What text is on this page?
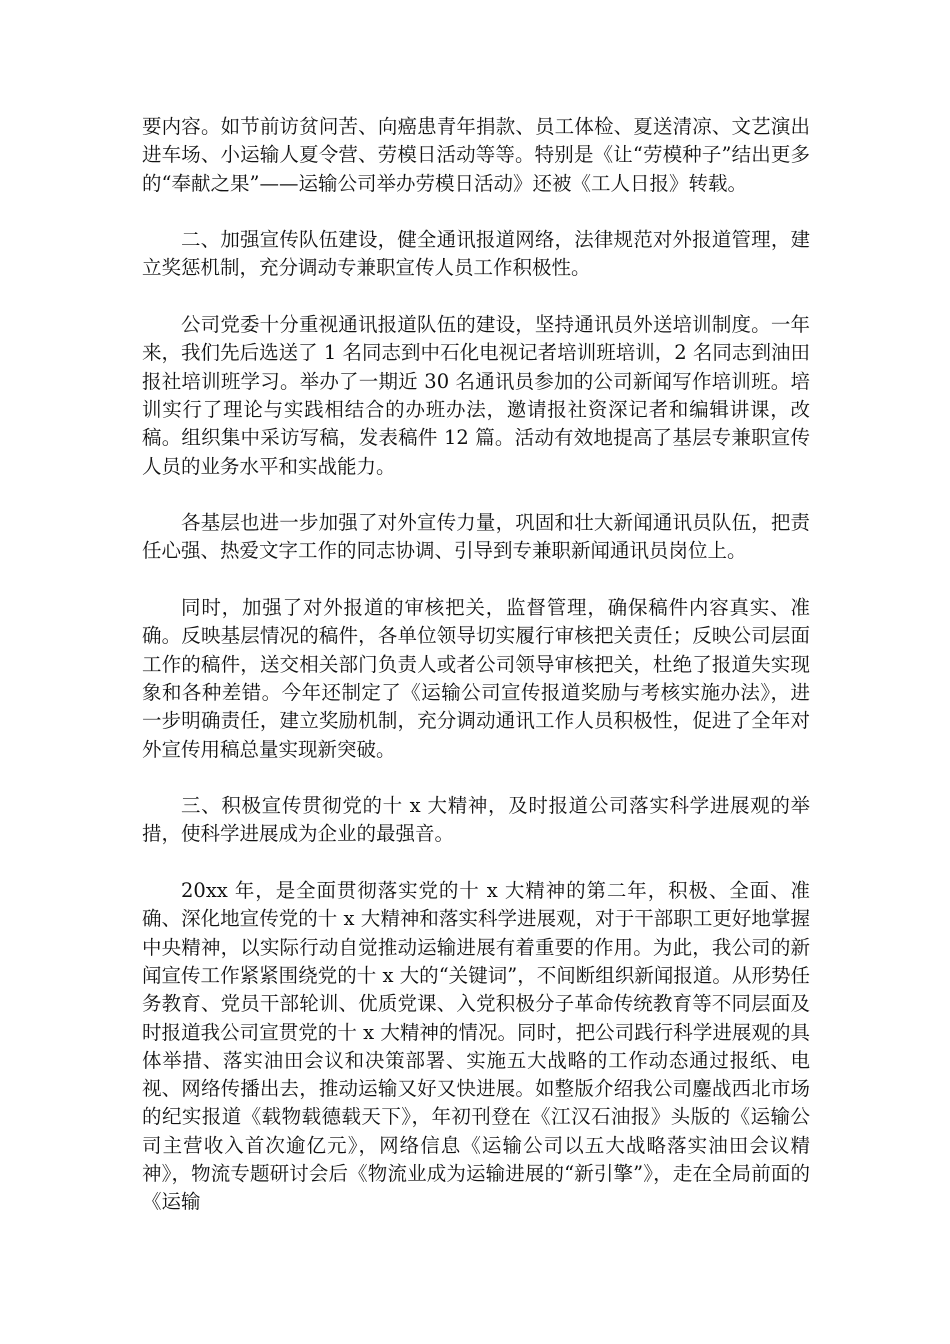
要内容。如节前访贫问苦、向癌患青年捐款、员工体检、夏送清凉、文艺演出进车场、小运输人夏令营、劳模日活动等等。特别是《让“劳模种子”结出更多的“奉献之果”——运输公司举办劳模日活动》还被《工人日报》转载。

二、加强宣传队伍建设，健全通讯报道网络，法律规范对外报道管理，建立奖惩机制，充分调动专兼职宣传人员工作积极性。

公司党委十分重视通讯报道队伍的建设，坚持通讯员外送培训制度。一年来，我们先后选送了 1 名同志到中石化电视记者培训班培训，2 名同志到油田报社培训班学习。举办了一期近 30 名通讯员参加的公司新闻写作培训班。培训实行了理论与实践相结合的办班办法，邀请报社资深记者和编辑讲课，改稿。组织集中采访写稿，发表稿件 12 篇。活动有效地提高了基层专兼职宣传人员的业务水平和实战能力。

各基层也进一步加强了对外宣传力量，巩固和壮大新闻通讯员队伍，把责任心强、热爱文字工作的同志协调、引导到专兼职新闻通讯员岗位上。

同时，加强了对外报道的审核把关，监督管理，确保稿件内容真实、准确。反映基层情况的稿件，各单位领导切实履行审核把关责任；反映公司层面工作的稿件，送交相关部门负责人或者公司领导审核把关，杜绝了报道失实现象和各种差错。今年还制定了《运输公司宣传报道奖励与考核实施办法》，进一步明确责任，建立奖励机制，充分调动通讯工作人员积极性，促进了全年对外宣传用稿总量实现新突破。

三、积极宣传贯彻党的十 x 大精神，及时报道公司落实科学进展观的举措，使科学进展成为企业的最强音。

20xx 年，是全面贯彻落实党的十 x 大精神的第二年，积极、全面、准确、深化地宣传党的十 x 大精神和落实科学进展观，对于干部职工更好地掌握中央精神，以实际行动自觉推动运输进展有着重要的作用。为此，我公司的新闻宣传工作紧紧围绕党的十 x 大的“关键词”，不间断组织新闻报道。从形势任务教育、党员干部轮训、优质党课、入党积极分子革命传统教育等不同层面及时报道我公司宣贯党的十 x 大精神的情况。同时，把公司践行科学进展观的具体举措、落实油田会议和决策部署、实施五大战略的工作动态通过报纸、电视、网络传播出去，推动运输又好又快进展。如整版介绍我公司鏖战西北市场的纪实报道《载物载德载天下》，年初刊登在《江汉石油报》头版的《运输公司主营收入首次逾亿元》，网络信息《运输公司以五大战略落实油田会议精神》，物流专题研讨会后《物流业成为运输进展的“新引擎”》，走在全局前面的《运输
